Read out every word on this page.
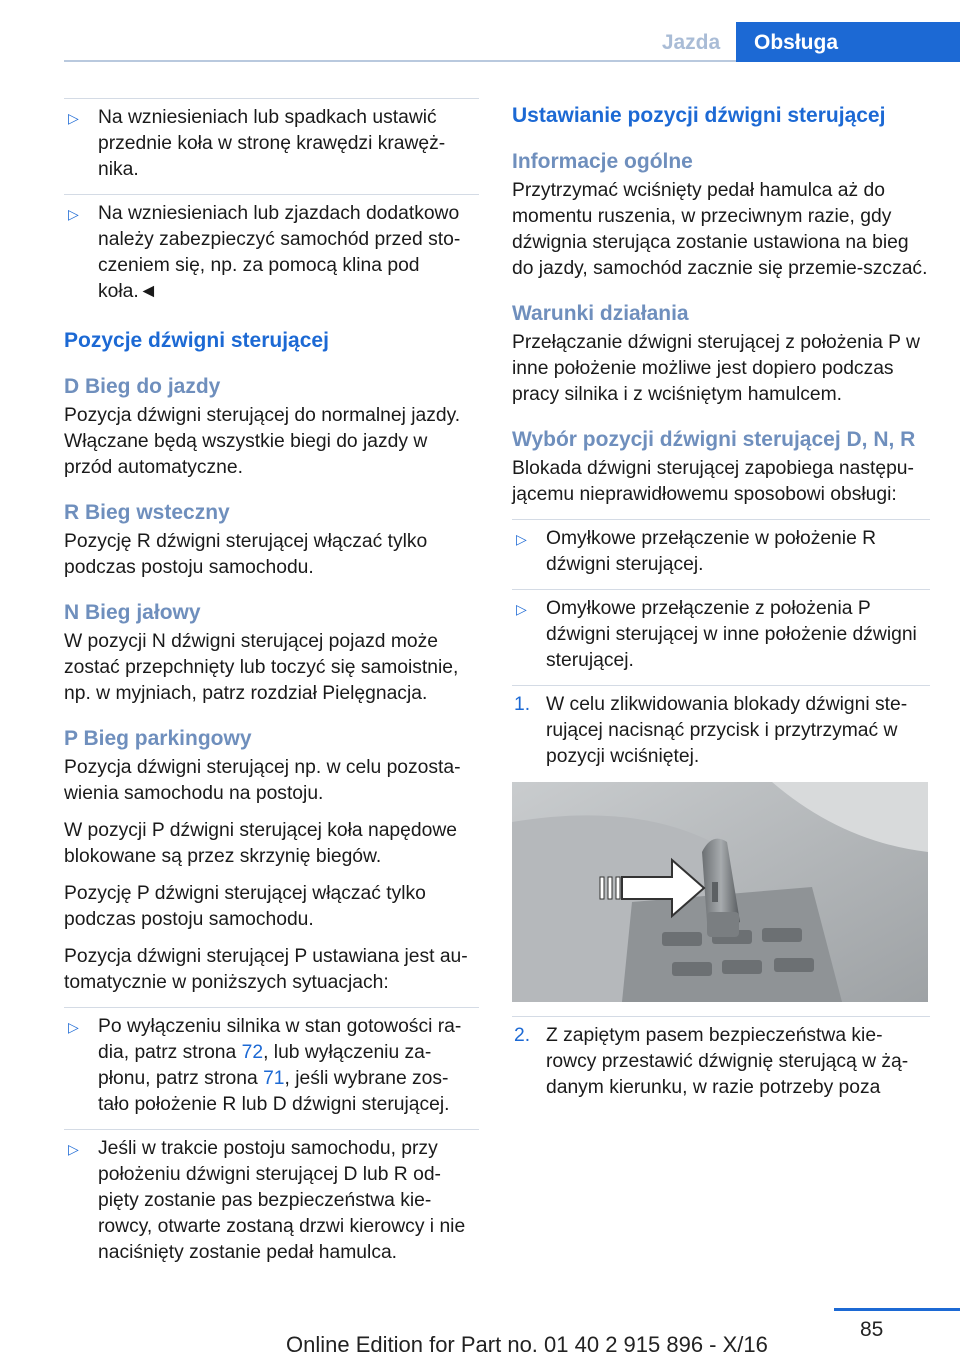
Jazda	Obsługa
▷ Na wzniesieniach lub spadkach ustawić przednie koła w stronę krawędzi krawęż-nika.
▷ Na wzniesieniach lub zjazdach dodatkowo należy zabezpieczyć samochód przed sto-czeniem się, np. za pomocą klina pod koła.◄
Pozycje dźwigni sterującej
D Bieg do jazdy

Pozycja dźwigni sterującej do normalnej jazdy. Włączane będą wszystkie biegi do jazdy w przód automatyczne.

R Bieg wsteczny

Pozycję R dźwigni sterującej włączać tylko podczas postoju samochodu.

N Bieg jałowy

W pozycji N dźwigni sterującej pojazd może zostać przepchnięty lub toczyć się samoistnie, np. w myjniach, patrz rozdział Pielęgnacja.

P Bieg parkingowy

Pozycja dźwigni sterującej np. w celu pozosta-wienia samochodu na postoju.

W pozycji P dźwigni sterującej koła napędowe blokowane są przez skrzynię biegów.

Pozycję P dźwigni sterującej włączać tylko podczas postoju samochodu.

Pozycja dźwigni sterującej P ustawiana jest au-tomatycznie w poniższych sytuacjach:

▷ Po wyłączeniu silnika w stan gotowości ra-dia, patrz strona 72, lub wyłączeniu za-płonu, patrz strona 71, jeśli wybrane zos-tało położenie R lub D dźwigni sterującej.
▷ Jeśli w trakcie postoju samochodu, przy położeniu dźwigni sterującej D lub R od-pięty zostanie pas bezpieczeństwa kie-rowcy, otwarte zostaną drzwi kierowcy i nie naciśnięty zostanie pedał hamulca.
Ustawianie pozycji dźwigni sterującej
Informacje ogólne

Przytrzymać wciśnięty pedał hamulca aż do momentu ruszenia, w przeciwnym razie, gdy dźwignia sterująca zostanie ustawiona na bieg do jazdy, samochód zacznie się przemie-szczać.

Warunki działania

Przełączanie dźwigni sterującej z położenia P w inne położenie możliwe jest dopiero podczas pracy silnika i z wciśniętym hamulcem.

Wybór pozycji dźwigni sterującej D, N, R

Blokada dźwigni sterującej zapobiega następu-jącemu nieprawidłowemu sposobowi obsługi:

▷ Omyłkowe przełączenie w położenie R dźwigni sterującej.
▷ Omyłkowe przełączenie z położenia P dźwigni sterującej w inne położenie dźwigni sterującej.
1. W celu zlikwidowania blokady dźwigni ste-rującej nacisnąć przycisk i przytrzymać w pozycji wciśniętej.
2. Z zapiętym pasem bezpieczeństwa kie-rowcy przestawić dźwignię sterującą w żą-danym kierunku, w razie potrzeby poza
85
Online Edition for Part no. 01 40 2 915 896 - X/16
